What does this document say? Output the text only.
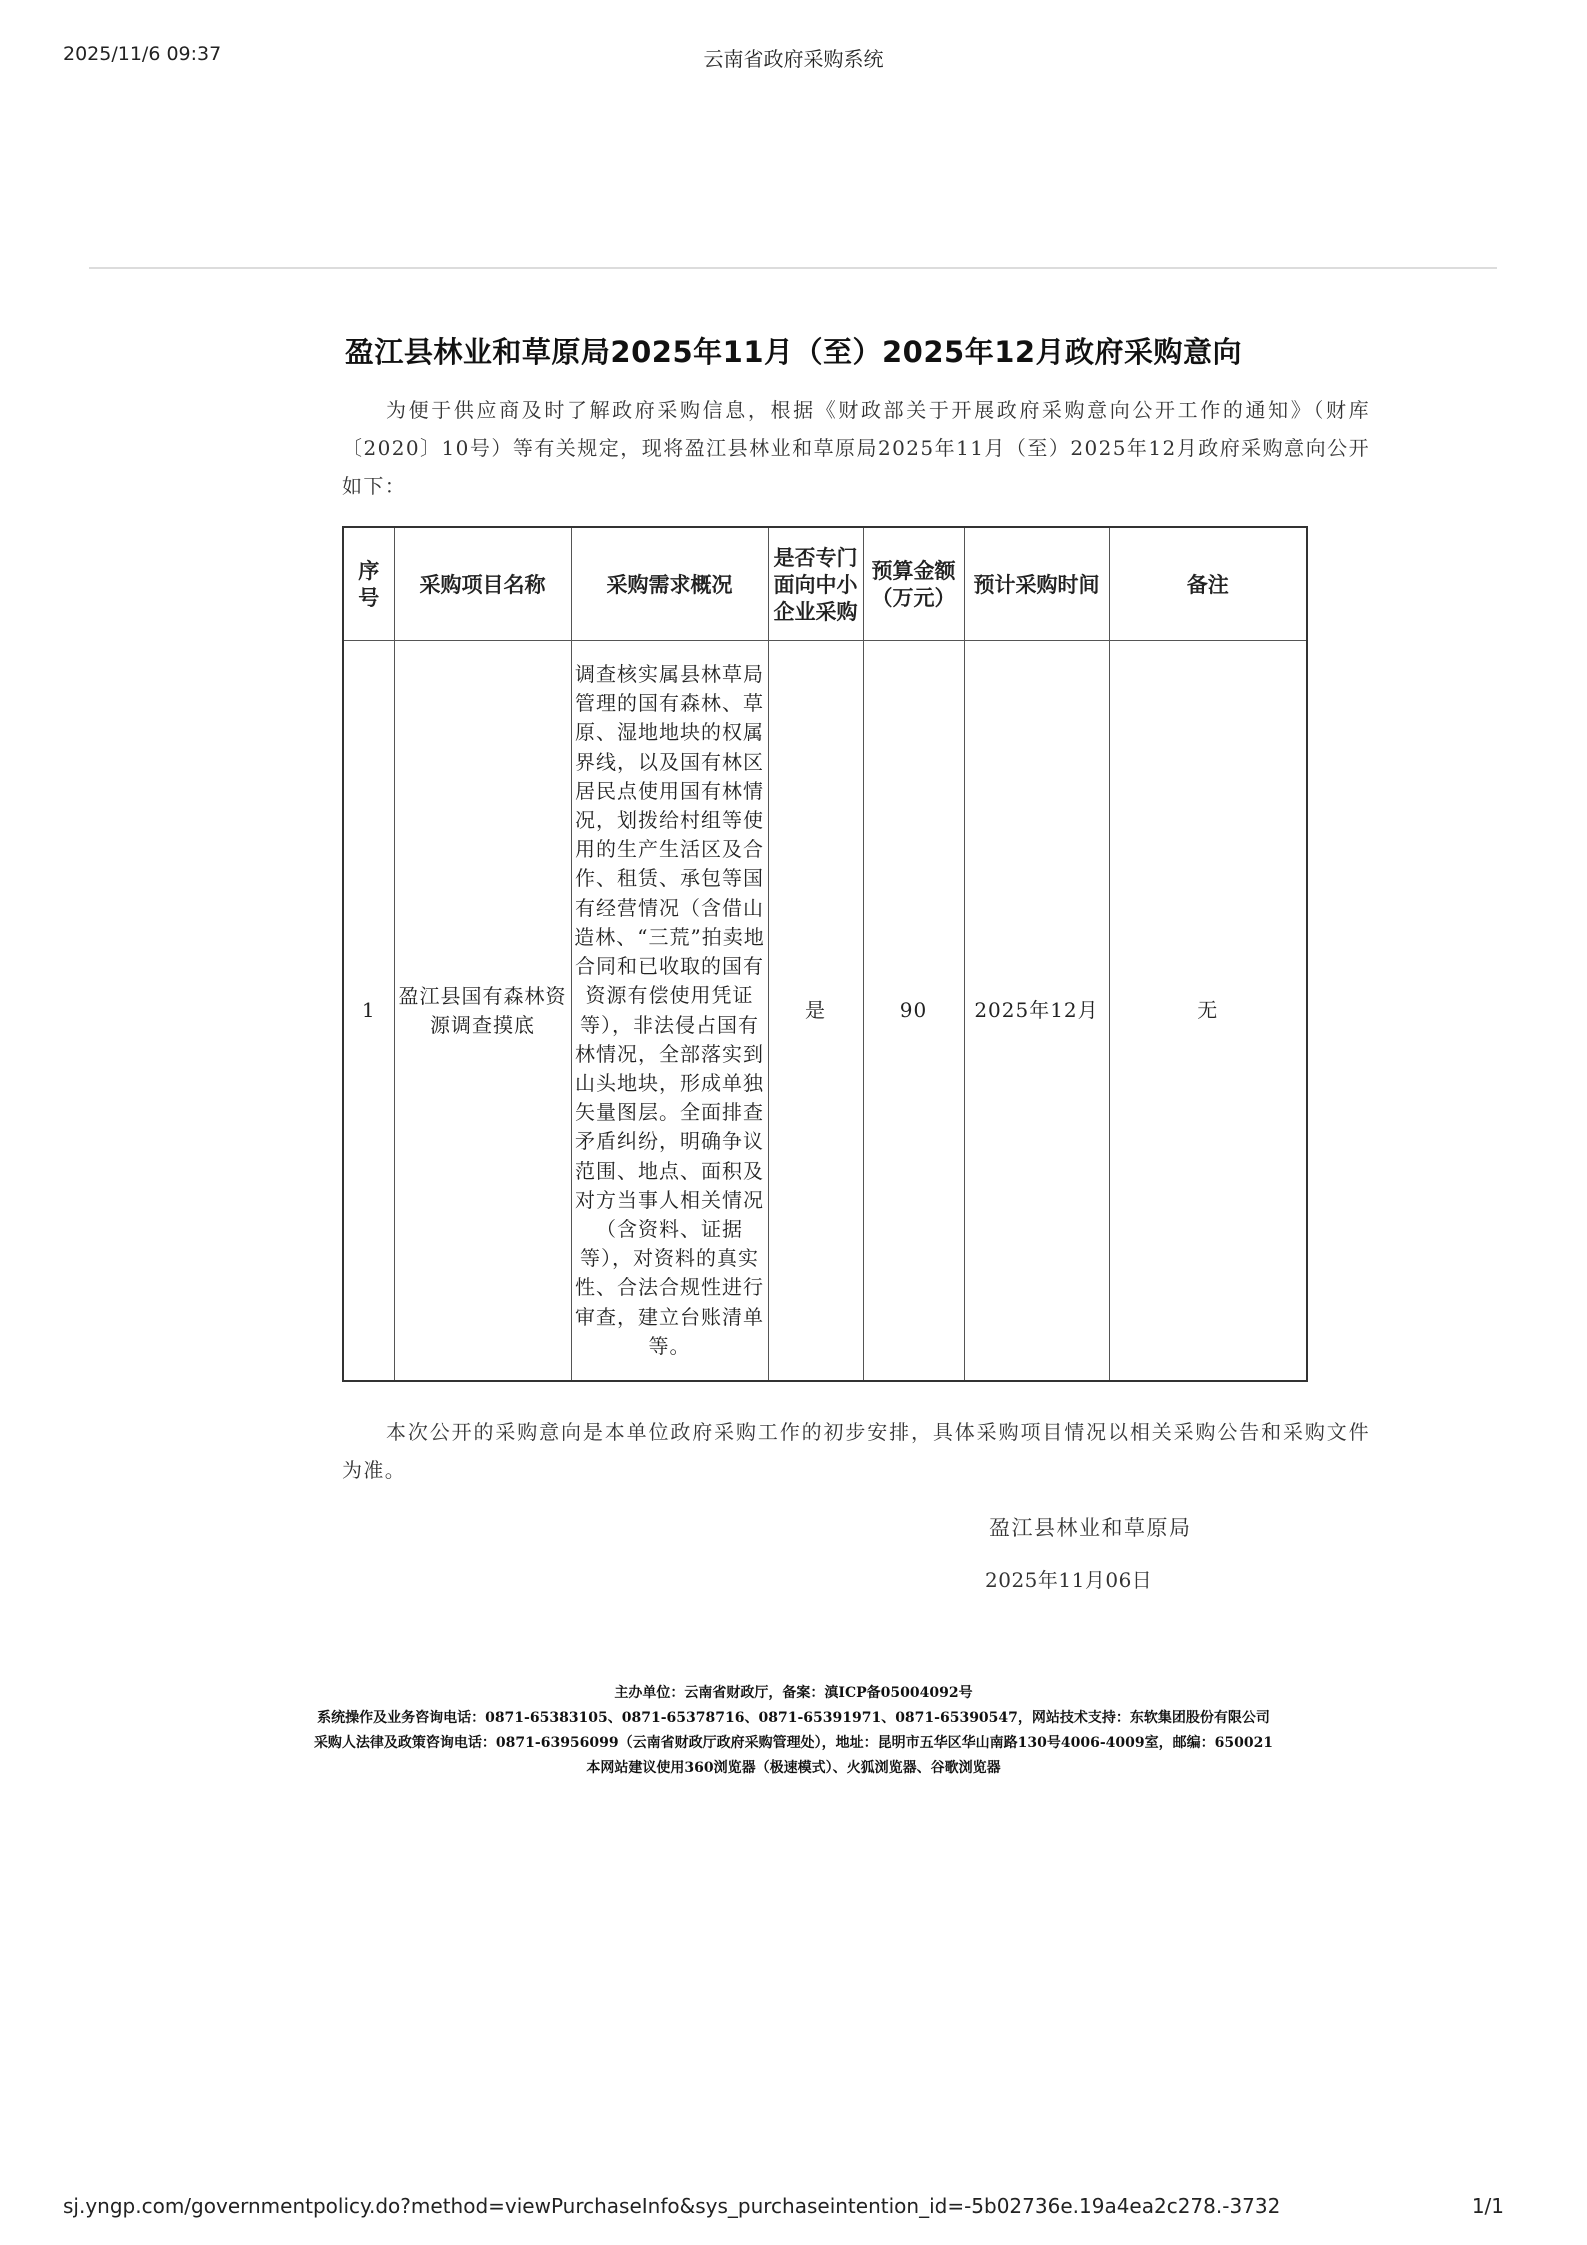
2025/11/6 09:37	云南省政府采购系统
盈江县林业和草原局2025年11月（至）2025年12月政府采购意向

为便于供应商及时了解政府采购信息，根据《财政部关于开展政府采购意向公开工作的通知》（财库〔2020〕10号）等有关规定，现将盈江县林业和草原局2025年11月（至）2025年12月政府采购意向公开如下：

序号	采购项目名称	采购需求概况	是否专门面向中小企业采购	预算金额（万元）	预计采购时间	备注
1	盈江县国有森林资源调查摸底	调查核实属县林草局管理的国有森林、草原、湿地地块的权属界线，以及国有林区居民点使用国有林情况，划拨给村组等使用的生产生活区及合作、租赁、承包等国有经营情况（含借山造林、“三荒”拍卖地合同和已收取的国有资源有偿使用凭证等），非法侵占国有林情况，全部落实到山头地块，形成单独矢量图层。全面排查矛盾纠纷，明确争议范围、地点、面积及对方当事人相关情况（含资料、证据等），对资料的真实性、合法合规性进行审查，建立台账清单等。	是	90	2025年12月	无

本次公开的采购意向是本单位政府采购工作的初步安排，具体采购项目情况以相关采购公告和采购文件为准。

盈江县林业和草原局
2025年11月06日
主办单位：云南省财政厅，备案：滇ICP备05004092号
系统操作及业务咨询电话：0871-65383105、0871-65378716、0871-65391971、0871-65390547，网站技术支持：东软集团股份有限公司
采购人法律及政策咨询电话：0871-63956099（云南省财政厅政府采购管理处），地址：昆明市五华区华山南路130号4006-4009室，邮编：650021
本网站建议使用360浏览器（极速模式）、火狐浏览器、谷歌浏览器
sj.yngp.com/governmentpolicy.do?method=viewPurchaseInfo&sys_purchaseintention_id=-5b02736e.19a4ea2c278.-3732	1/1
